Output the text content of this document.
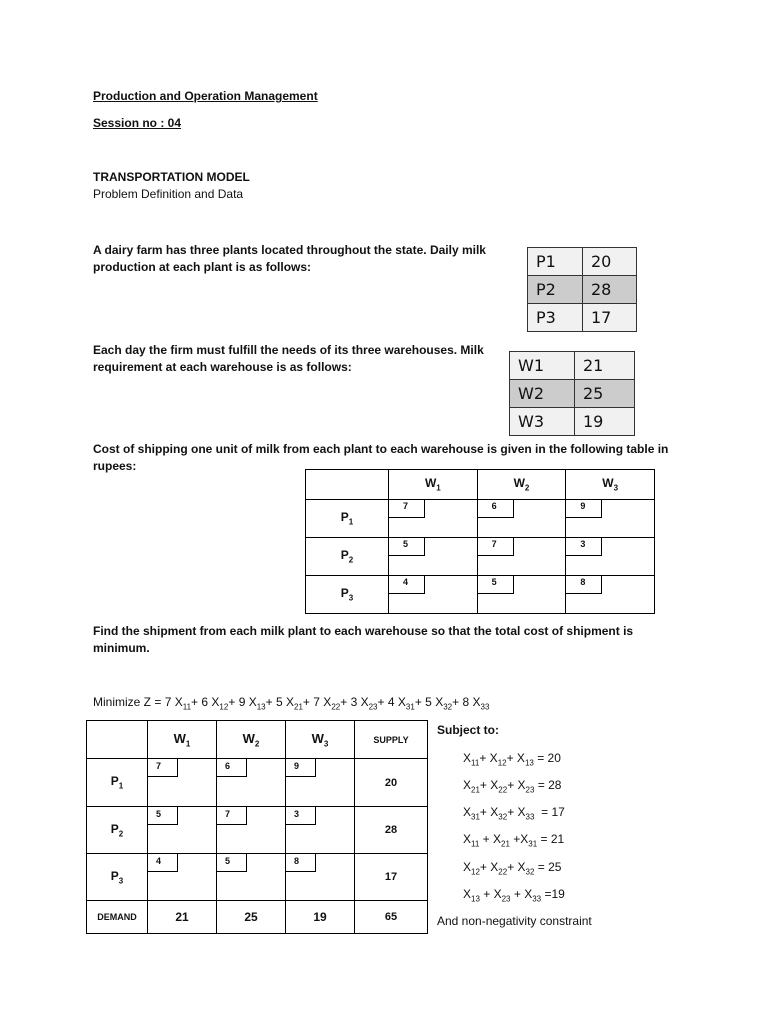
Production and Operation Management
Session no : 04
TRANSPORTATION MODEL
Problem Definition and Data
A dairy farm has three plants located throughout the state. Daily milk production at each plant is as follows:	P1	20
P2	28
P3	17
Each day the firm must fulfill the needs of its three warehouses. Milk requirement at each warehouse is as follows:	W1	21
W2	25
W3	19
Cost of shipping one unit of milk from each plant to each warehouse is given in the following table in rupees:
	$W_1$	$W_2$	$W_3$
$P_1$	7	6	9

$P_2$	5	7	3

$P_3$	4	5	8
Find the shipment from each milk plant to each warehouse so that the total cost of shipment is minimum.
Minimize Z = 7 $X_{11}+ 6$ $X_{12}+ 9$ $X_{13}+ 5$ $X_{21}+ 7$ $X_{22}+ 3$ $X_{23}+ 4$ $X_{31}+ 5$ $X_{32}+ 8$ $X_{33}$
	$W_1$	$W_2$	$W_3$	SUPPLY
$P_1$	7	6	9	20
$P_2$	5	7	3	28
$P_3$	4	5	8	17
DEMAND	21	25	19	65
Subject to:
$X_{11}+ X_{12}+ X_{13} = 20$
$X_{21}+ X_{22}+ X_{23} = 28$
$X_{31}+ X_{32}+ X_{33} = 17$
$X_{11} + X_{21} +X_{31} = 21$
$X_{12}+ X_{22}+ X_{32} = 25$
$X_{13} + X_{23} + X_{33} =19$
And non-negativity constraint
